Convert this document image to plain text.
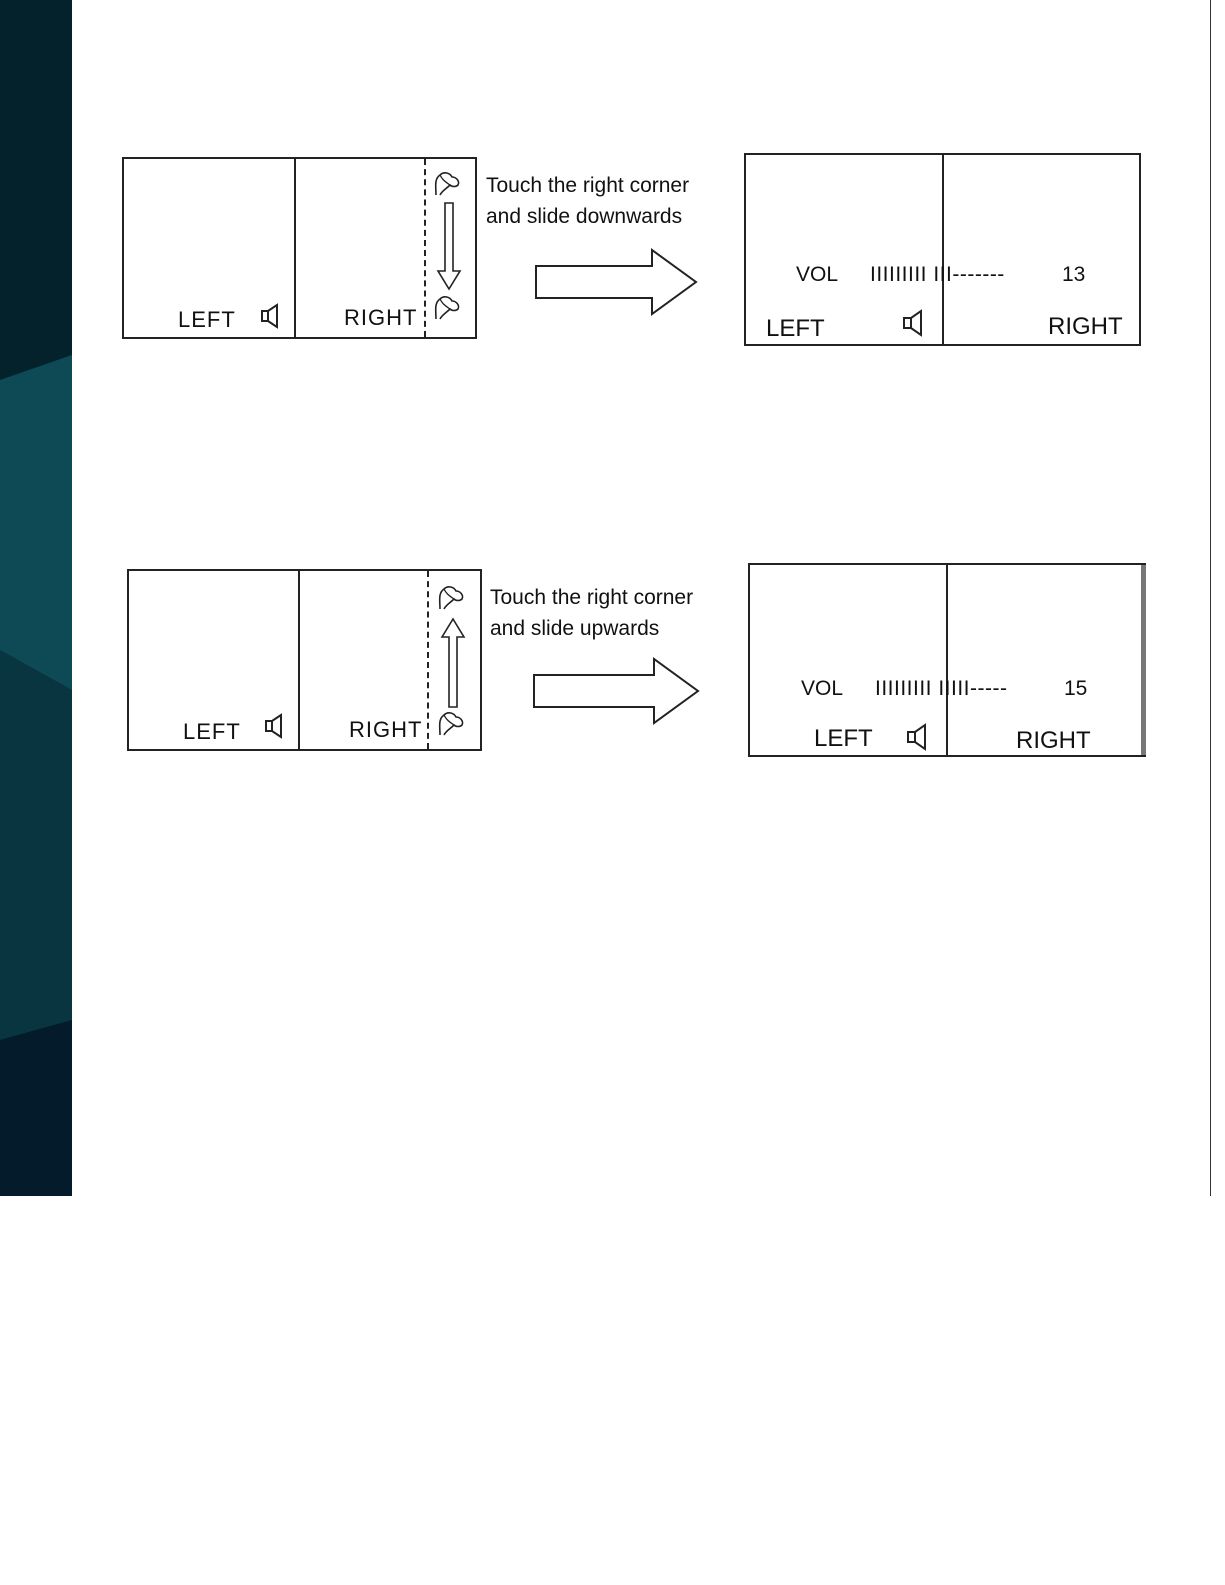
LEFT	RIGHT
Touch the right corner
and slide downwards
VOL IIIIIIIII III-------	13
LEFT	RIGHT
LEFT	RIGHT
Touch the right corner
and slide upwards
VOL IIIIIIIII IIIII-----	15
LEFT	RIGHT
